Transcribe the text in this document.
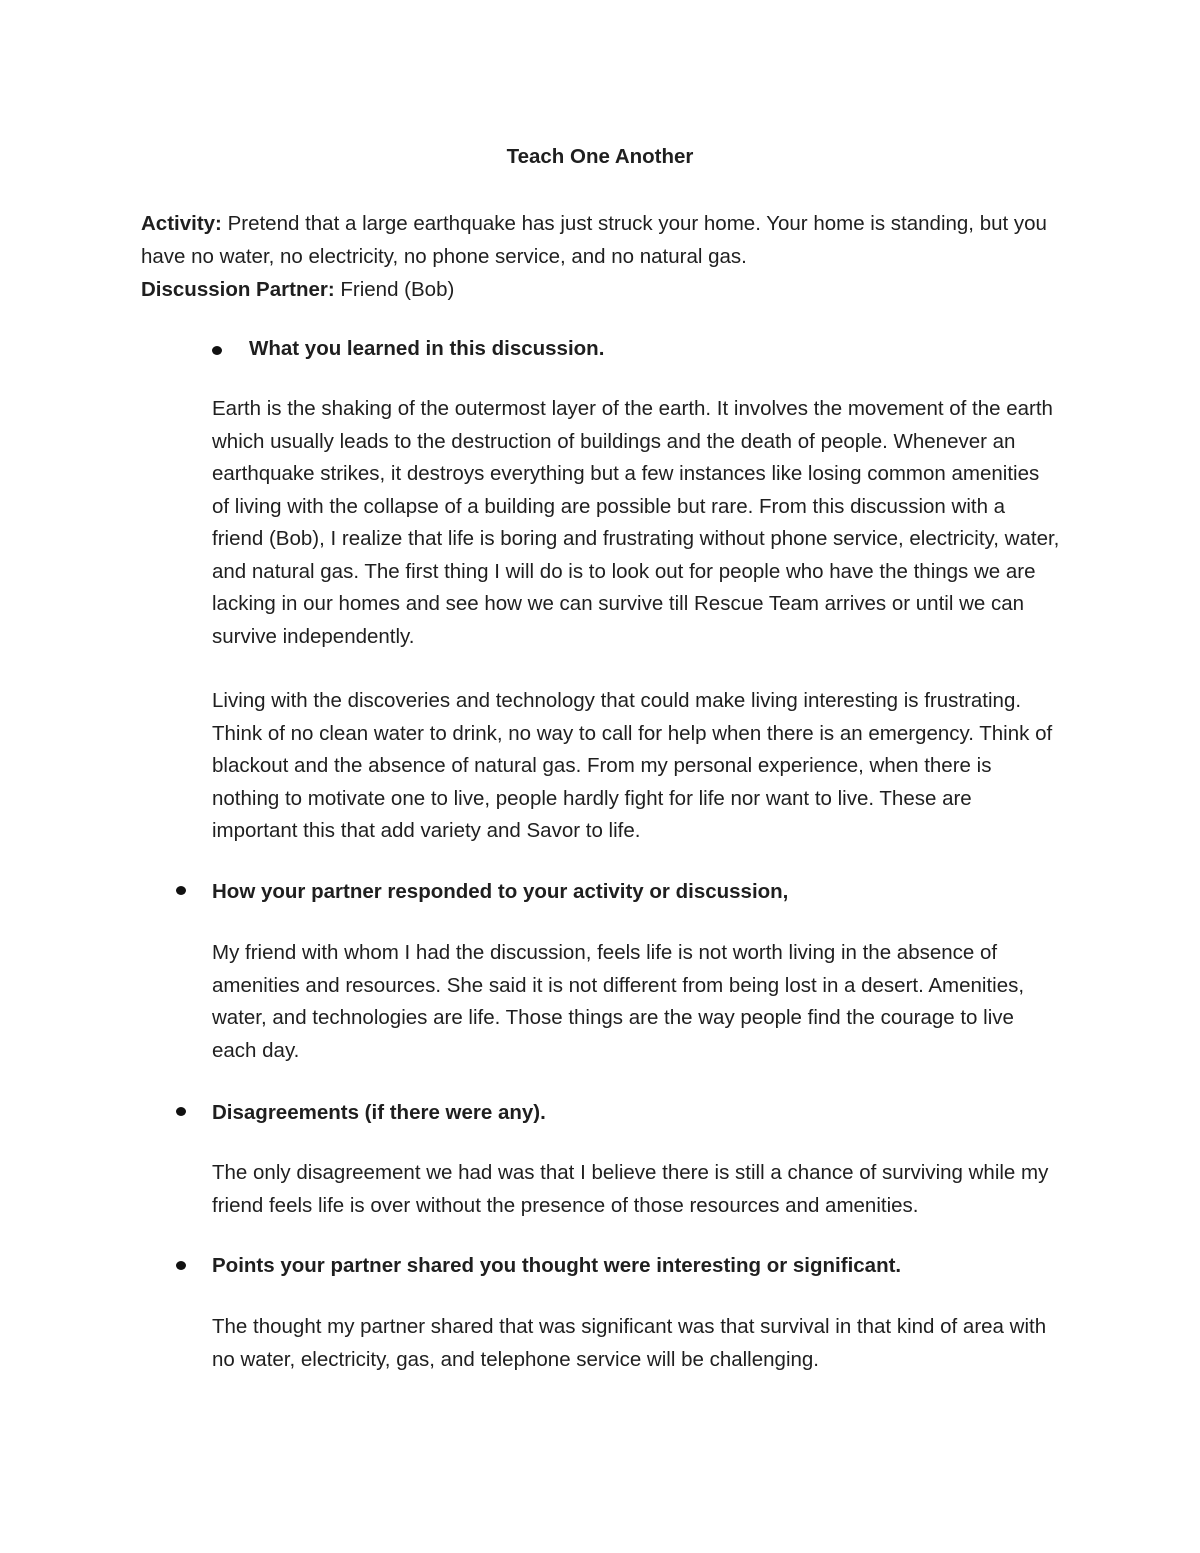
Teach One Another

Activity: Pretend that a large earthquake has just struck your home. Your home is standing, but you have no water, no electricity, no phone service, and no natural gas.
Discussion Partner: Friend (Bob)

What you learned in this discussion.

Earth is the shaking of the outermost layer of the earth. It involves the movement of the earth which usually leads to the destruction of buildings and the death of people. Whenever an earthquake strikes, it destroys everything but a few instances like losing common amenities of living with the collapse of a building are possible but rare. From this discussion with a friend (Bob), I realize that life is boring and frustrating without phone service, electricity, water, and natural gas. The first thing I will do is to look out for people who have the things we are lacking in our homes and see how we can survive till Rescue Team arrives or until we can survive independently.

Living with the discoveries and technology that could make living interesting is frustrating. Think of no clean water to drink, no way to call for help when there is an emergency. Think of blackout and the absence of natural gas. From my personal experience, when there is nothing to motivate one to live, people hardly fight for life nor want to live. These are important this that add variety and Savor to life.

How your partner responded to your activity or discussion,

My friend with whom I had the discussion, feels life is not worth living in the absence of amenities and resources. She said it is not different from being lost in a desert. Amenities, water, and technologies are life. Those things are the way people find the courage to live each day.

Disagreements (if there were any).

The only disagreement we had was that I believe there is still a chance of surviving while my friend feels life is over without the presence of those resources and amenities.

Points your partner shared you thought were interesting or significant.

The thought my partner shared that was significant was that survival in that kind of area with no water, electricity, gas, and telephone service will be challenging.
